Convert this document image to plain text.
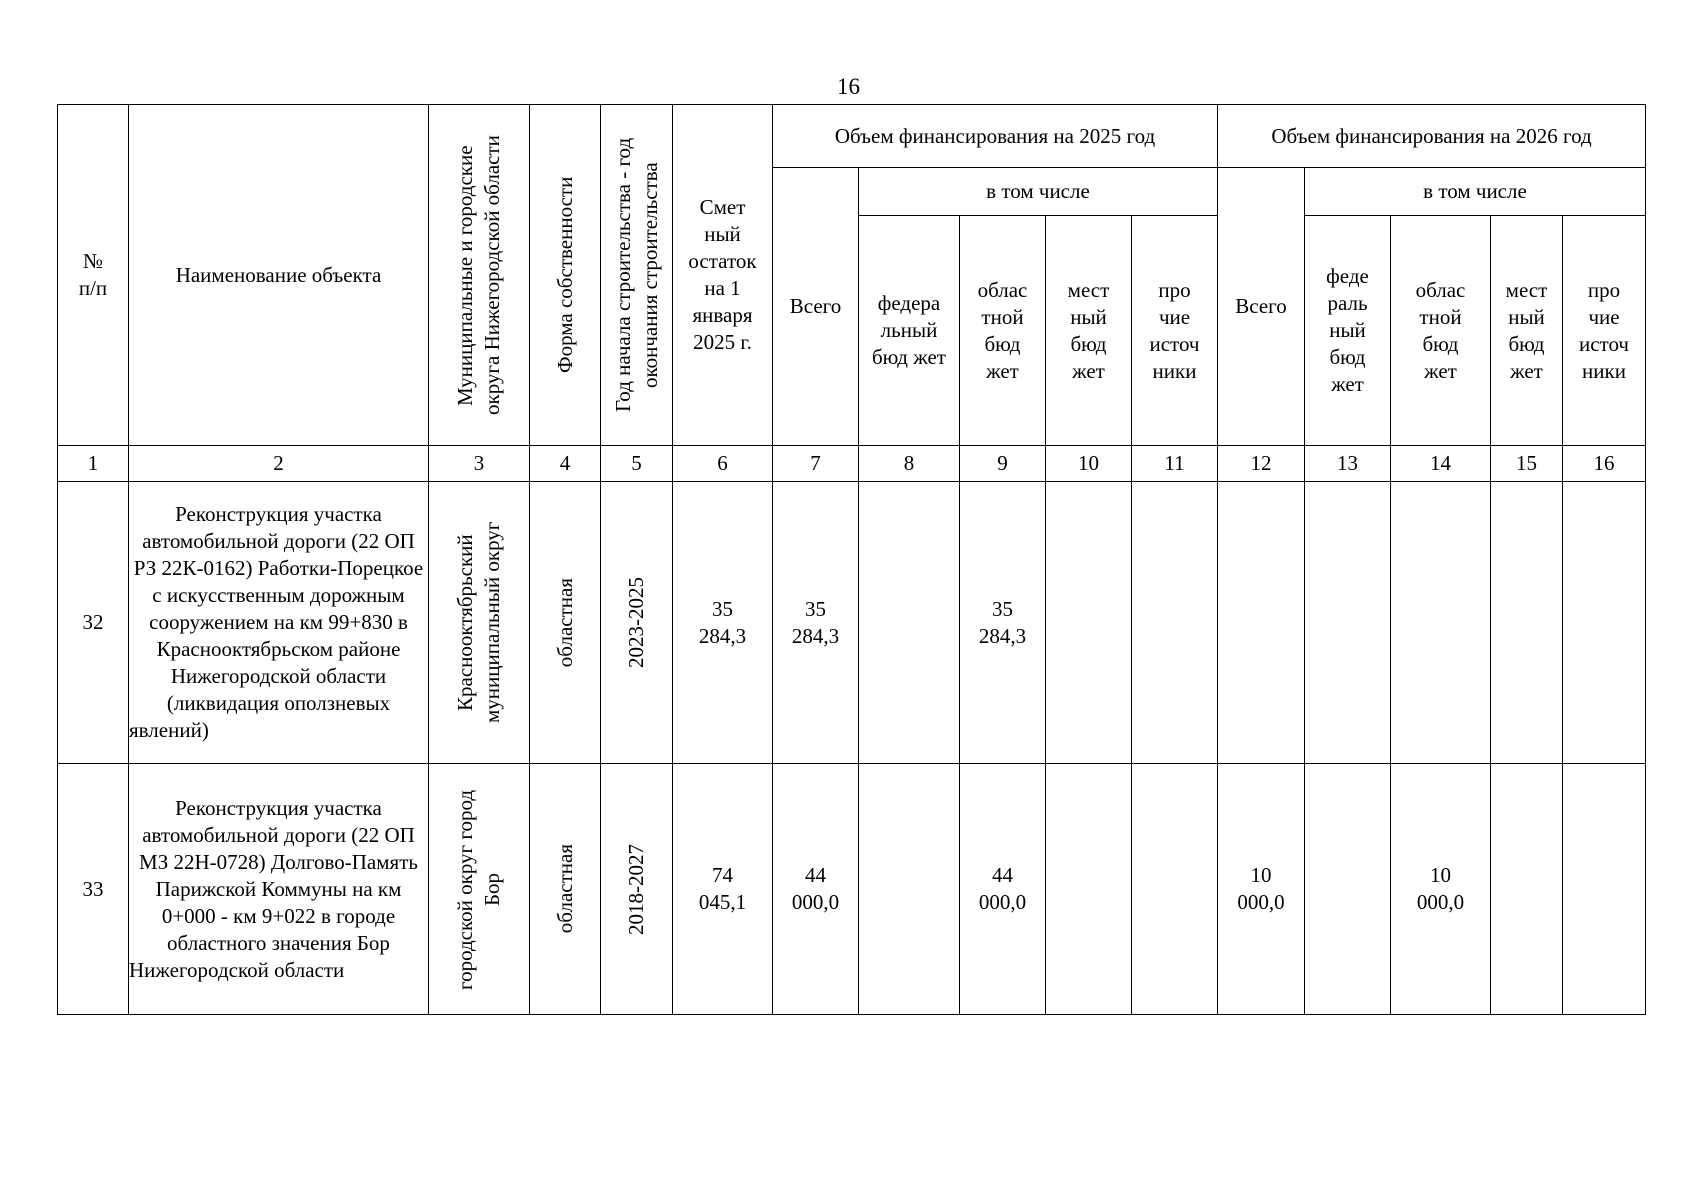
16
№ п/п	Наименование объекта	Муниципальные и городские округа Нижегородской области	Форма собственности	Год начала строительства - год окончания строительства	Смет ный остаток на 1 января 2025 г.	Объем финансирования на 2025 год					Объем финансирования на 2026 год				
						Всего	в том числе				Всего	в том числе			
							федера льный бюд жет	облас тной бюд жет	мест ный бюд жет	про чие источ ники		феде раль ный бюд жет	облас тной бюд жет	мест ный бюд жет	про чие источ ники
1	2	3	4	5	6	7	8	9	10	11	12	13	14	15	16
32	Реконструкция участка автомобильной дороги (22 ОП РЗ 22К-0162) Работки-Порецкое с искусственным дорожным сооружением на км 99+830 в Краснооктябрьском районе Нижегородской области (ликвидация оползневых явлений)	Краснооктябрьский муниципальный округ	областная	2023-2025	35 284,3	35 284,3		35 284,3							
33	Реконструкция участка автомобильной дороги (22 ОП МЗ 22Н-0728) Долгово-Память Парижской Коммуны на км 0+000 - км 9+022 в городе областного значения Бор Нижегородской области	городской округ город Бор	областная	2018-2027	74 045,1	44 000,0		44 000,0			10 000,0		10 000,0		
